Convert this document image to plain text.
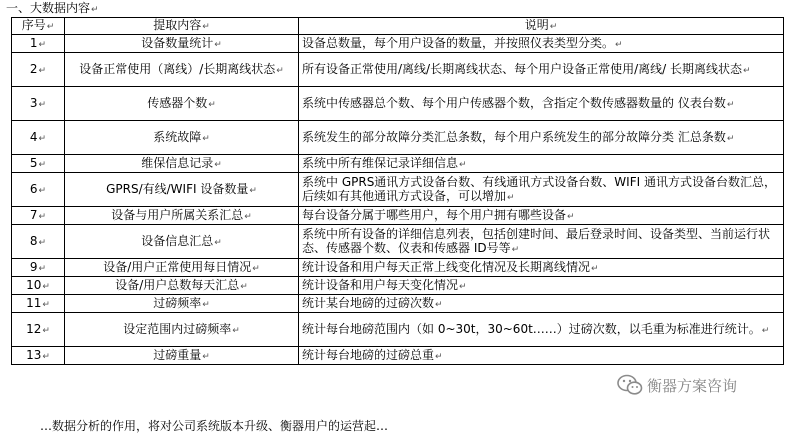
一、大数据内容↵
序号↵	提取内容↵	说明↵
1↵	设备数量统计↵	设备总数量，每个用户设备的数量，并按照仪表类型分类。↵
2↵	设备正常使用（离线）/长期离线状态↵	所有设备正常使用/离线/长期离线状态、每个用户设备正常使用/离线/ 长期离线状态↵
3↵	传感器个数↵	系统中传感器总个数、每个用户传感器个数，含指定个数传感器数量的 仪表台数↵
4↵	系统故障↵	系统发生的部分故障分类汇总条数，每个用户系统发生的部分故障分类 汇总条数↵
5↵	维保信息记录↵	系统中所有维保记录详细信息↵
6↵	GPRS/有线/WIFI 设备数量↵	系统中 GPRS通讯方式设备台数、有线通讯方式设备台数、WIFI 通讯方式设备台数汇总，后续如有其他通讯方式设备，可以增加↵
7↵	设备与用户所属关系汇总↵	每台设备分属于哪些用户，每个用户拥有哪些设备↵
8↵	设备信息汇总↵	系统中所有设备的详细信息列表，包括创建时间、最后登录时间、设备类型、当前运行状态、传感器个数、仪表和传感器 ID号等↵
9↵	设备/用户正常使用每日情况↵	统计设备和用户每天正常上线变化情况及长期离线情况↵
10↵	设备/用户总数每天汇总↵	统计设备和用户每天变化情况↵
11↵	过磅频率↵	统计某台地磅的过磅次数↵
12↵	设定范围内过磅频率↵	统计每台地磅范围内（如 0~30t，30~60t……）过磅次数，以毛重为标准进行统计。↵
13↵	过磅重量↵	统计每台地磅的过磅总重↵
…数据分析的作用，将对公司系统版本升级、衡器用户的运营起…
衡器方案咨询
